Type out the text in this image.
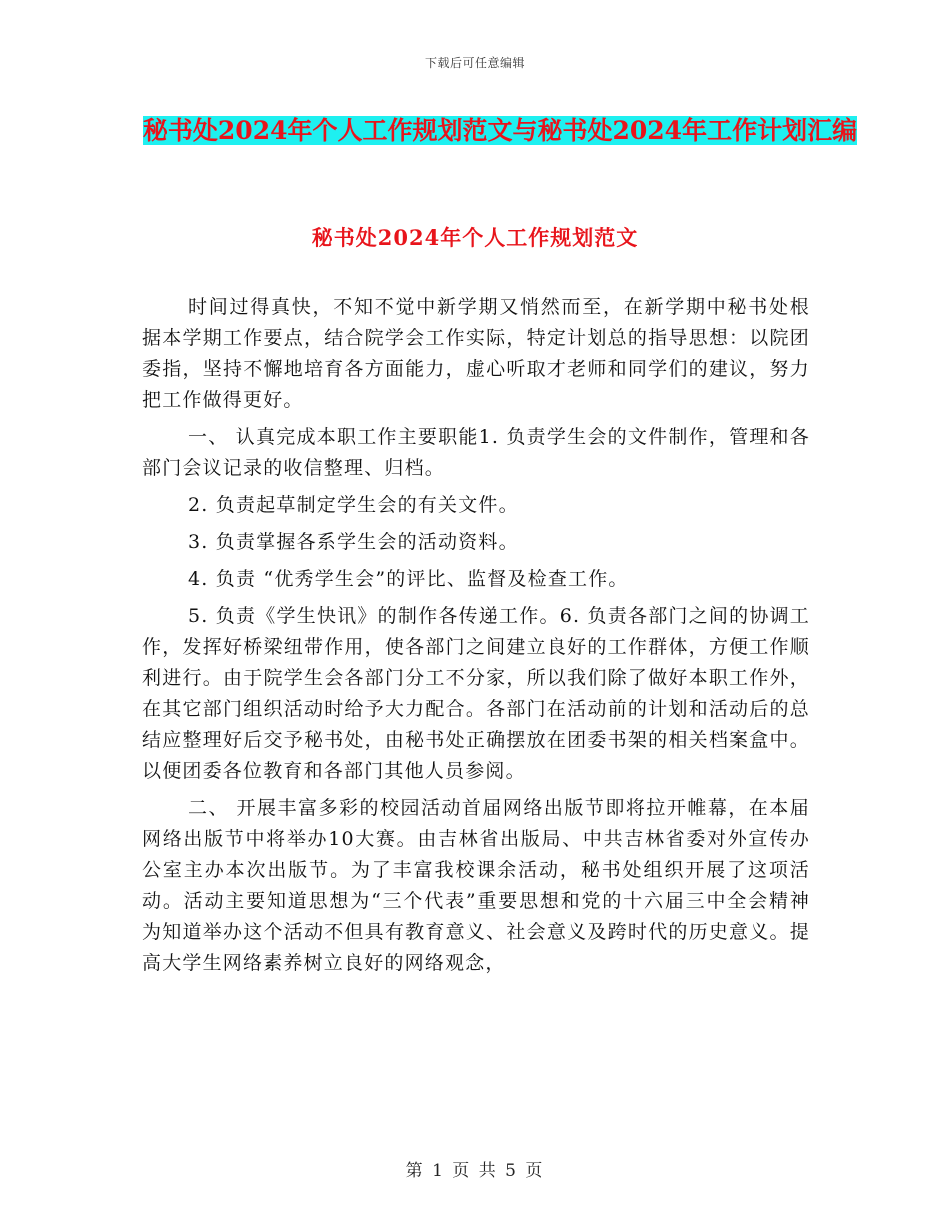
下载后可任意编辑
秘书处2024年个人工作规划范文与秘书处2024年工作计划汇编
秘书处2024年个人工作规划范文

时间过得真快，不知不觉中新学期又悄然而至，在新学期中秘书处根据本学期工作要点，结合院学会工作实际，特定计划总的指导思想：以院团委指，坚持不懈地培育各方面能力，虚心听取才老师和同学们的建议，努力把工作做得更好。

一、 认真完成本职工作主要职能1. 负责学生会的文件制作，管理和各部门会议记录的收信整理、归档。

2. 负责起草制定学生会的有关文件。

3. 负责掌握各系学生会的活动资料。

4. 负责 “优秀学生会”的评比、监督及检查工作。

5. 负责《学生快讯》的制作各传递工作。6. 负责各部门之间的协调工作，发挥好桥梁纽带作用，使各部门之间建立良好的工作群体，方便工作顺利进行。由于院学生会各部门分工不分家，所以我们除了做好本职工作外，在其它部门组织活动时给予大力配合。各部门在活动前的计划和活动后的总结应整理好后交予秘书处，由秘书处正确摆放在团委书架的相关档案盒中。以便团委各位教育和各部门其他人员参阅。

二、 开展丰富多彩的校园活动首届网络出版节即将拉开帷幕，在本届网络出版节中将举办10大赛。由吉林省出版局、中共吉林省委对外宣传办公室主办本次出版节。为了丰富我校课余活动，秘书处组织开展了这项活动。活动主要知道思想为“三个代表”重要思想和党的十六届三中全会精神为知道举办这个活动不但具有教育意义、社会意义及跨时代的历史意义。提高大学生网络素养树立良好的网络观念，

第 1 页 共 5 页
